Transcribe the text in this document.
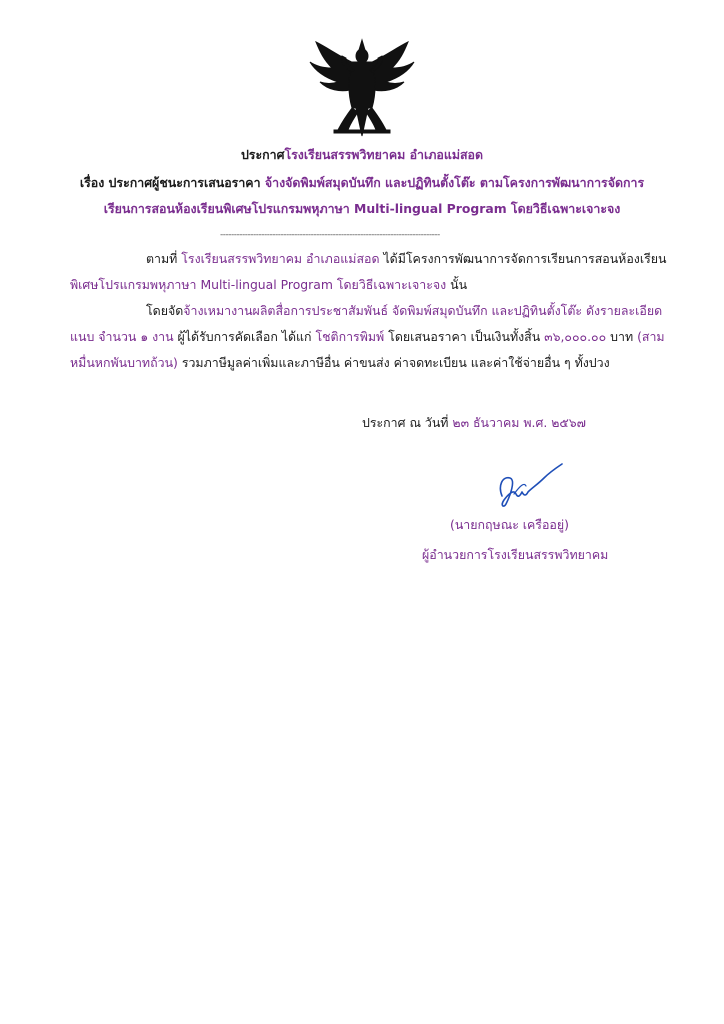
ประกาศโรงเรียนสรรพวิทยาคม อำเภอแม่สอด
เรื่อง ประกาศผู้ชนะการเสนอราคา จ้างจัดพิมพ์สมุดบันทึก และปฏิทินตั้งโต๊ะ ตามโครงการพัฒนาการจัดการ
เรียนการสอนห้องเรียนพิเศษโปรแกรมพหุภาษา Multi-lingual Program โดยวิธีเฉพาะเจาะจง
--------------------------------------------------------------------------------
ตามที่ โรงเรียนสรรพวิทยาคม อำเภอแม่สอด ได้มีโครงการพัฒนาการจัดการเรียนการสอนห้องเรียน
พิเศษโปรแกรมพหุภาษา Multi-lingual Program โดยวิธีเฉพาะเจาะจง นั้น
โดยจัดจ้างเหมางานผลิตสื่อการประชาสัมพันธ์ จัดพิมพ์สมุดบันทึก และปฏิทินตั้งโต๊ะ ดังรายละเอียด
แนบ จำนวน ๑ งาน ผู้ได้รับการคัดเลือก ได้แก่ โชติการพิมพ์ โดยเสนอราคา เป็นเงินทั้งสิ้น ๓๖,๐๐๐.๐๐ บาท (สาม
หมื่นหกพันบาทถ้วน) รวมภาษีมูลค่าเพิ่มและภาษีอื่น ค่าขนส่ง ค่าจดทะเบียน และค่าใช้จ่ายอื่น ๆ ทั้งปวง
ประกาศ ณ วันที่ ๒๓ ธันวาคม พ.ศ. ๒๕๖๗
(นายกฤษณะ เครืออยู่)
ผู้อำนวยการโรงเรียนสรรพวิทยาคม
